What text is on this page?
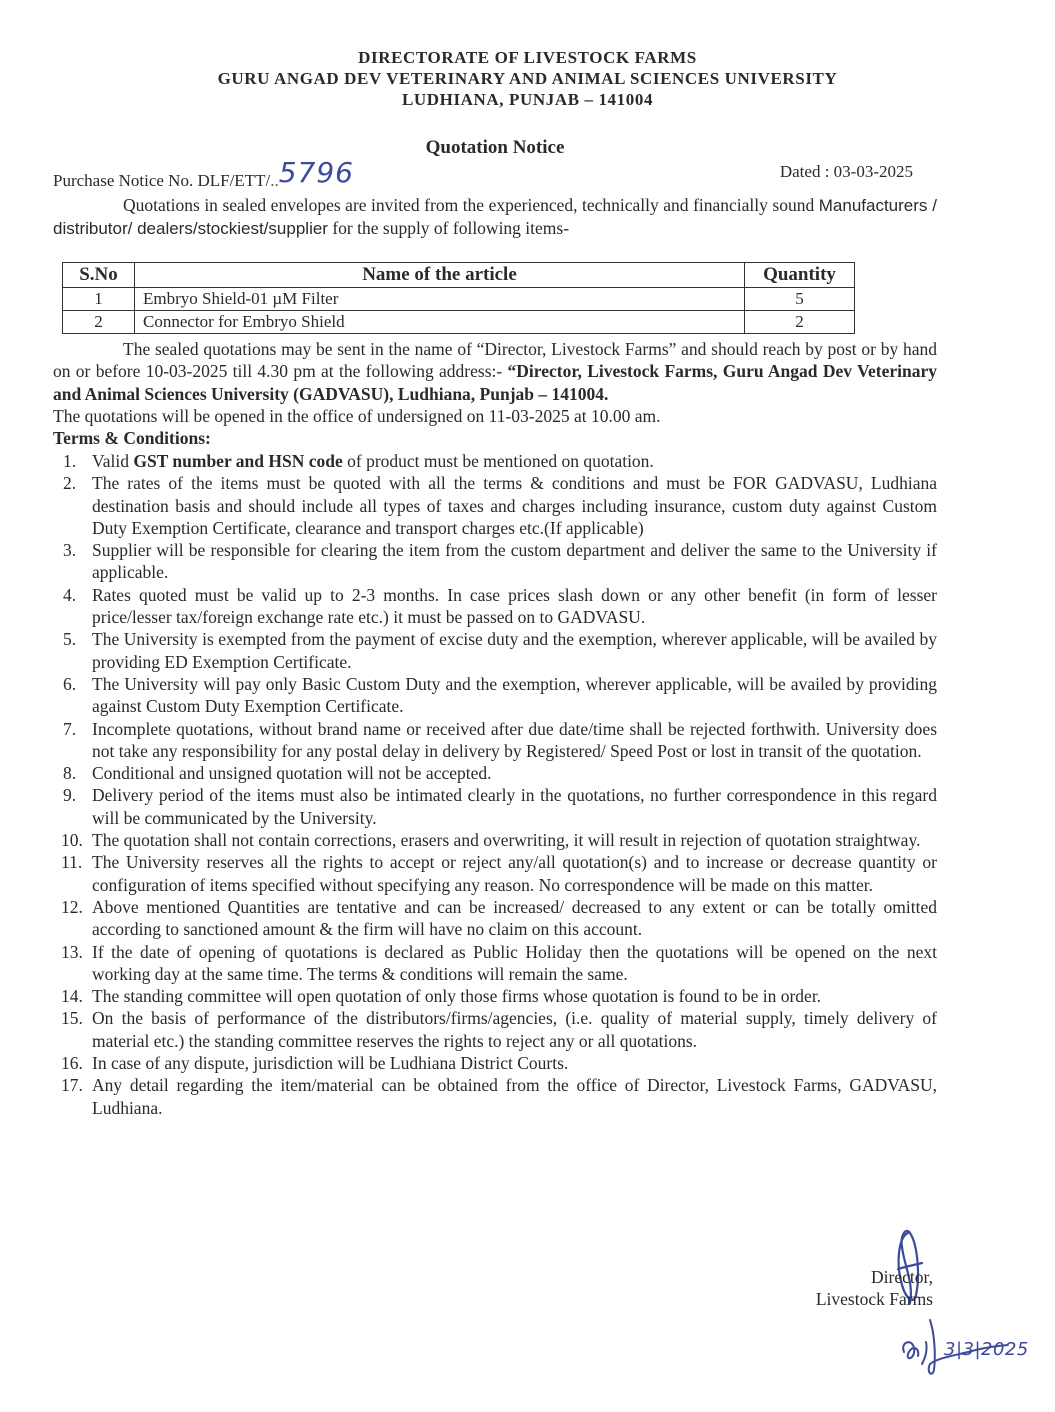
DIRECTORATE OF LIVESTOCK FARMS
GURU ANGAD DEV VETERINARY AND ANIMAL SCIENCES UNIVERSITY
LUDHIANA, PUNJAB – 141004
Quotation Notice
Purchase Notice No. DLF/ETT/..5796	Dated : 03-03-2025
Quotations in sealed envelopes are invited from the experienced, technically and financially sound Manufacturers / distributor/ dealers/stockiest/supplier for the supply of following items-
S.No	Name of the article	Quantity
1	Embryo Shield-01 µM Filter	5
2	Connector for Embryo Shield	2
The sealed quotations may be sent in the name of “Director, Livestock Farms” and should reach by post or by hand on or before 10-03-2025 till 4.30 pm at the following address:- “Director, Livestock Farms, Guru Angad Dev Veterinary and Animal Sciences University (GADVASU), Ludhiana, Punjab – 141004.
The quotations will be opened in the office of undersigned on 11-03-2025 at 10.00 am.
Terms & Conditions:
1. Valid GST number and HSN code of product must be mentioned on quotation.
2. The rates of the items must be quoted with all the terms & conditions and must be FOR GADVASU, Ludhiana destination basis and should include all types of taxes and charges including insurance, custom duty against Custom Duty Exemption Certificate, clearance and transport charges etc.(If applicable)
3. Supplier will be responsible for clearing the item from the custom department and deliver the same to the University if applicable.
4. Rates quoted must be valid up to 2-3 months. In case prices slash down or any other benefit (in form of lesser price/lesser tax/foreign exchange rate etc.) it must be passed on to GADVASU.
5. The University is exempted from the payment of excise duty and the exemption, wherever applicable, will be availed by providing ED Exemption Certificate.
6. The University will pay only Basic Custom Duty and the exemption, wherever applicable, will be availed by providing against Custom Duty Exemption Certificate.
7. Incomplete quotations, without brand name or received after due date/time shall be rejected forthwith. University does not take any responsibility for any postal delay in delivery by Registered/ Speed Post or lost in transit of the quotation.
8. Conditional and unsigned quotation will not be accepted.
9. Delivery period of the items must also be intimated clearly in the quotations, no further correspondence in this regard will be communicated by the University.
10. The quotation shall not contain corrections, erasers and overwriting, it will result in rejection of quotation straightway.
11. The University reserves all the rights to accept or reject any/all quotation(s) and to increase or decrease quantity or configuration of items specified without specifying any reason. No correspondence will be made on this matter.
12. Above mentioned Quantities are tentative and can be increased/ decreased to any extent or can be totally omitted according to sanctioned amount & the firm will have no claim on this account.
13. If the date of opening of quotations is declared as Public Holiday then the quotations will be opened on the next working day at the same time. The terms & conditions will remain the same.
14. The standing committee will open quotation of only those firms whose quotation is found to be in order.
15. On the basis of performance of the distributors/firms/agencies, (i.e. quality of material supply, timely delivery of material etc.) the standing committee reserves the rights to reject any or all quotations.
16. In case of any dispute, jurisdiction will be Ludhiana District Courts.
17. Any detail regarding the item/material can be obtained from the office of Director, Livestock Farms, GADVASU, Ludhiana.
Director,
Livestock Farms
3|3|2025
